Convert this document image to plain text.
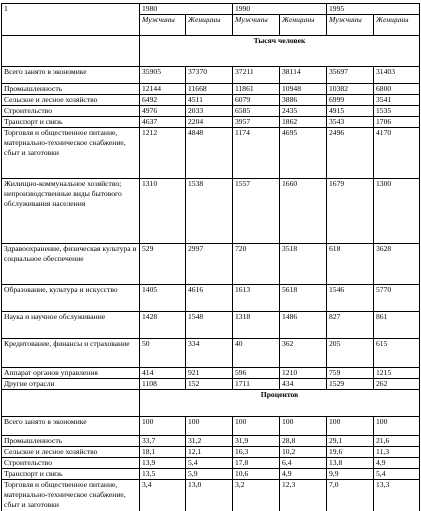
1	1980		1990		1995	
	Мужчины	Женщины	Мужчины	Женщины	Мужчины	Женщины
	Тысяч человек					
Всего занято в экономике	35905	37370	37211	38114	35697	31403
Промышленность	12144	11668	11861	10948	10382	6800
Сельское и лесное хозяйство	6492	4511	6079	3886	6999	3541
Строительство	4976	2033	6585	2435	4915	1535
Транспорт и связь	4637	2204	3957	1862	3543	1706
Торговля и общественное питание, материально-техническое снабжение, сбыт и заготовки	1212	4848	1174	4695	2496	4170
Жилищно-коммунальное хозяйство; непроизводственные виды бытового обслуживания населения	1310	1538	1557	1660	1679	1300
Здравоохранение, физическая культура и социальное обеспечение	529	2997	720	3518	618	3628
Образование, культура и искусство	1405	4616	1613	5618	1546	5770
Наука и научное обслуживание	1428	1548	1318	1486	827	861
Кредитование, финансы и страхование	50	334	40	362	205	615
Аппарат органов управления	414	921	596	1210	759	1215
Другие отрасли	1108	152	1711	434	1529	262
	Процентов					
Всего занято в экономике	100	100	100	100	100	100
Промышленность	33,7	31,2	31,9	28,8	29,1	21,6
Сельское и лесное хозяйство	18,1	12,1	16,3	10,2	19,6	11,3
Строительство	13,9	5,4	17,8	6,4	13,8	4,9
Транспорт и связь	13,5	5,9	10,6	4,9	9,9	5,4
Торговля и общественное питание, материально-техническое снабжение, сбыт и заготовки	3,4	13,0	3,2	12,3	7,0	13,3
